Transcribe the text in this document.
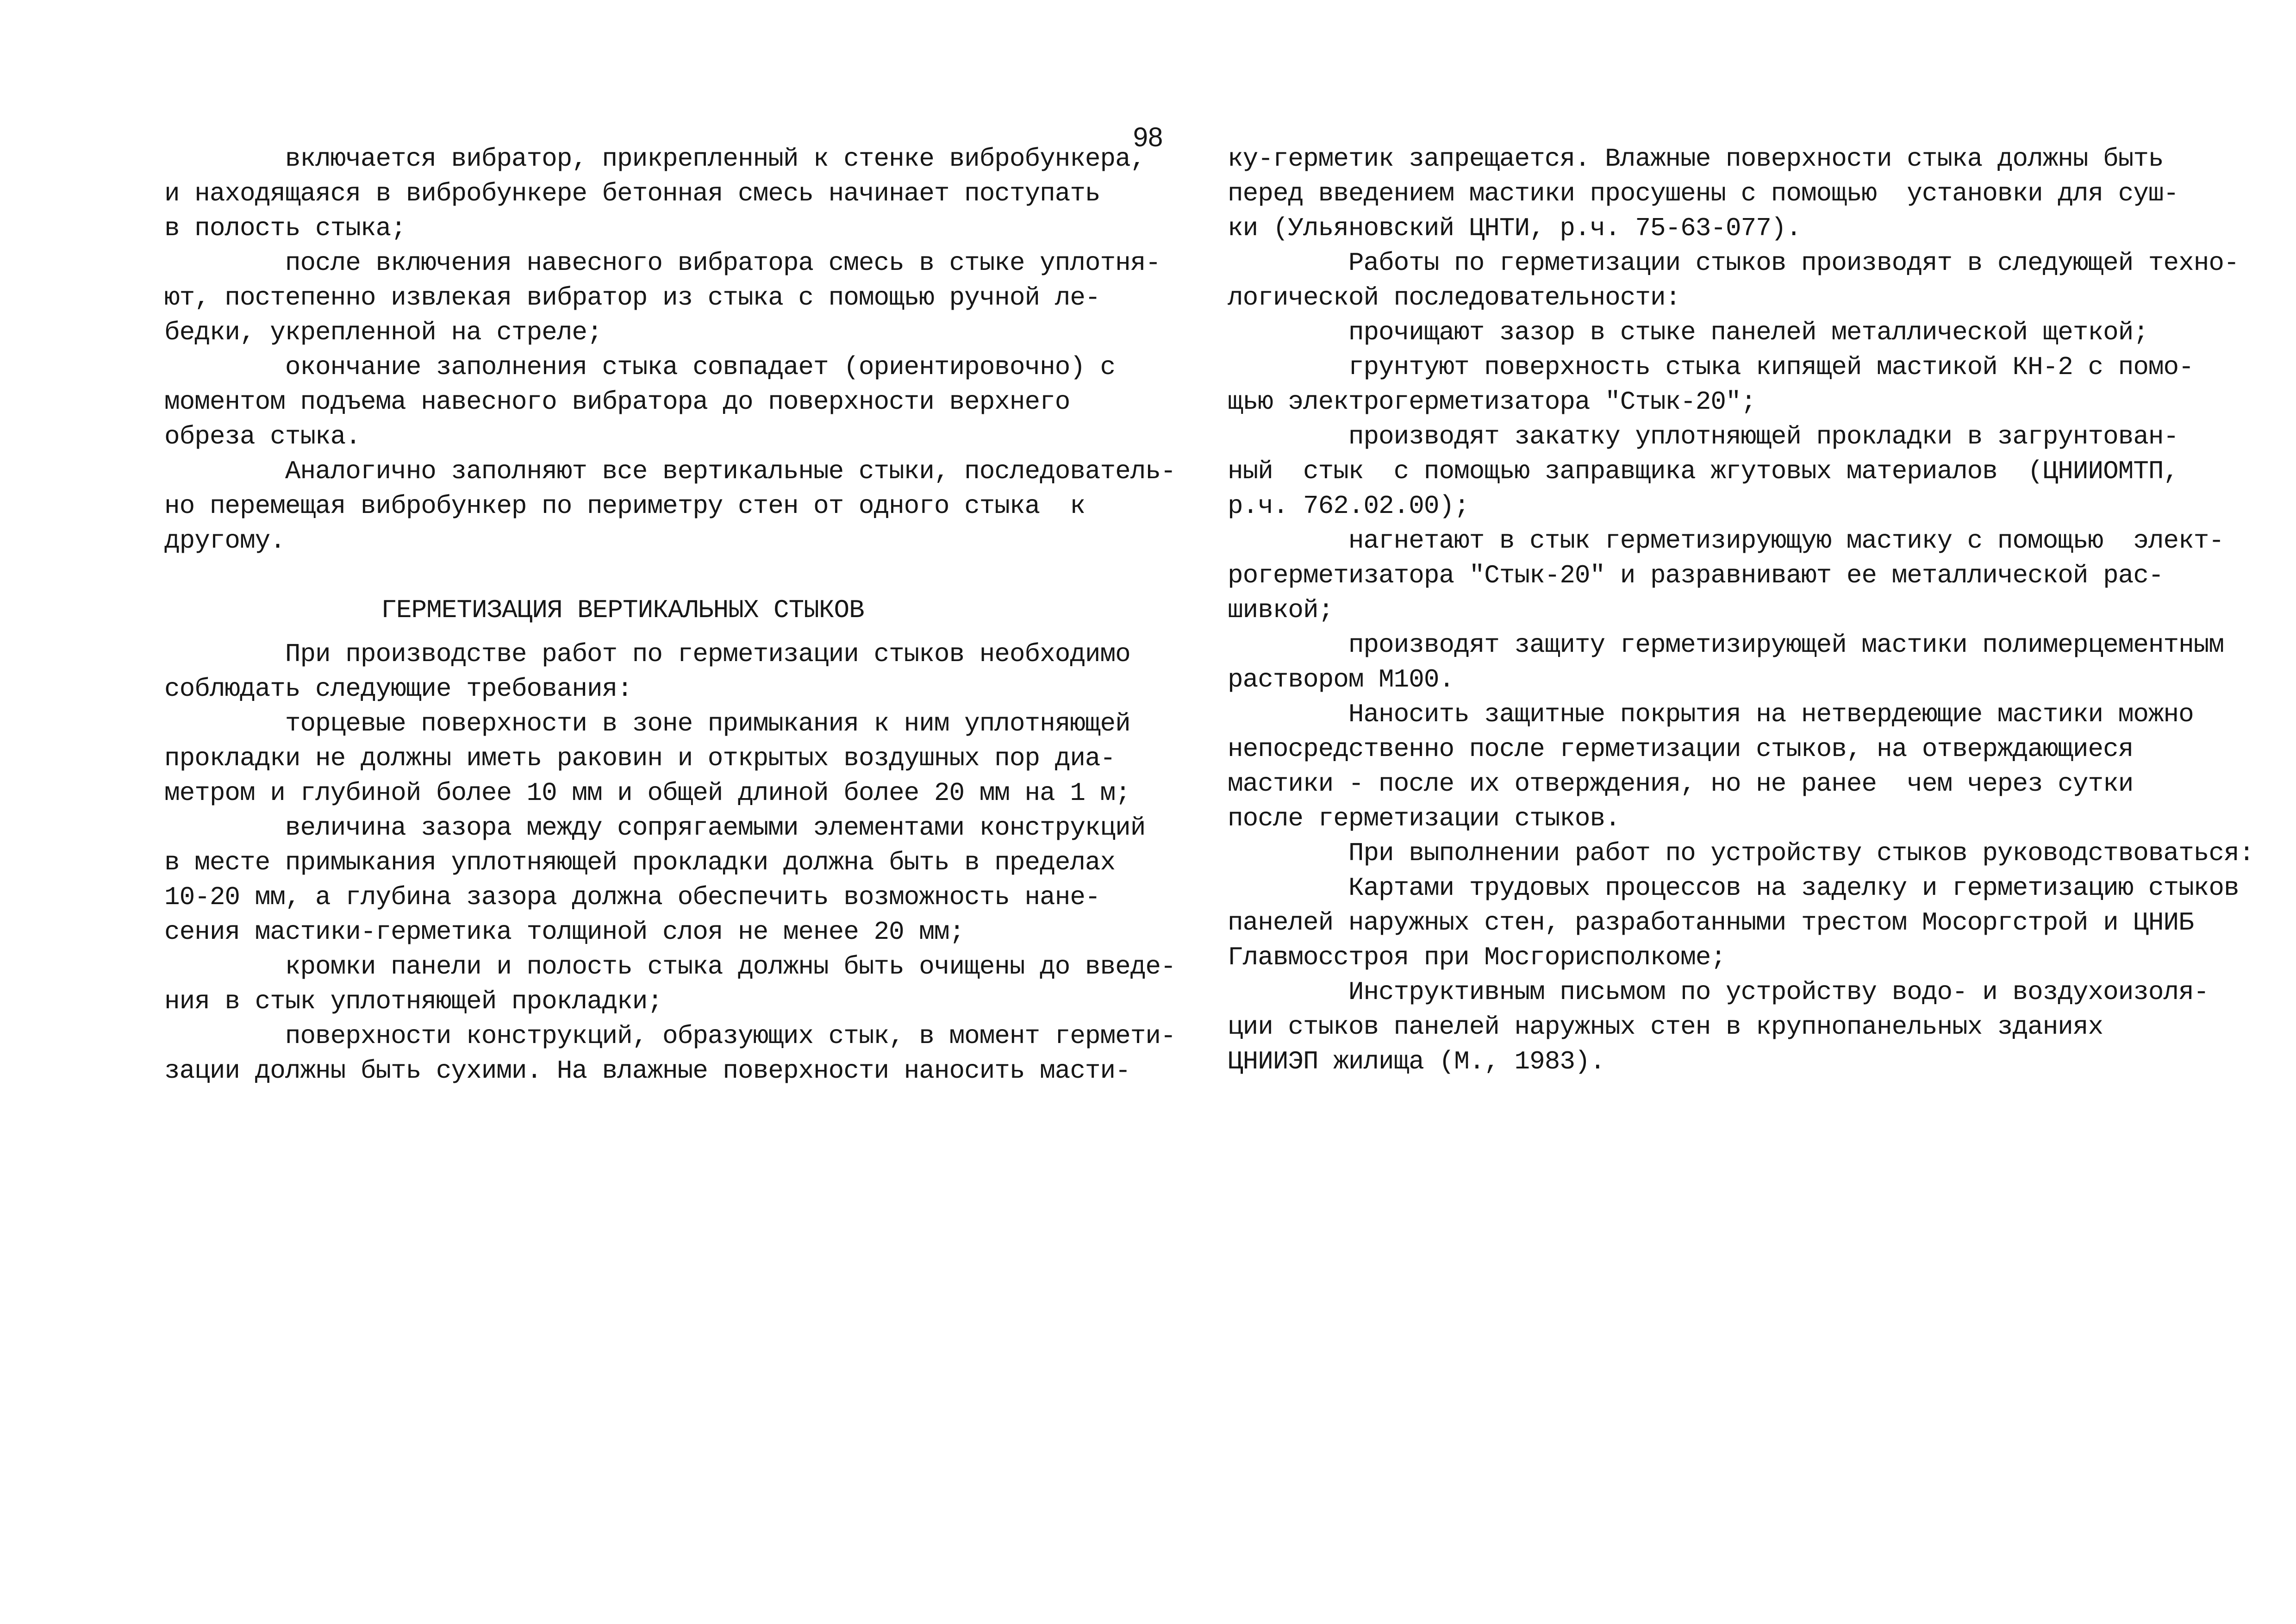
98
включается вибратор, прикрепленный к стенке вибробункера,
и находящаяся в вибробункере бетонная смесь начинает поступать
в полость стыка;
после включения навесного вибратора смесь в стыке уплотня-
ют, постепенно извлекая вибратор из стыка с помощью ручной ле-
бедки, укрепленной на стреле;
окончание заполнения стыка совпадает (ориентировочно) с
моментом подъема навесного вибратора до поверхности верхнего
обреза стыка.
Аналогично заполняют все вертикальные стыки, последователь-
но перемещая вибробункер по периметру стен от одного стыка  к
другому.
ГЕРМЕТИЗАЦИЯ ВЕРТИКАЛЬНЫХ СТЫКОВ
При производстве работ по герметизации стыков необходимо
соблюдать следующие требования:
торцевые поверхности в зоне примыкания к ним уплотняющей
прокладки не должны иметь раковин и открытых воздушных пор диа-
метром и глубиной более 10 мм и общей длиной более 20 мм на 1 м;
величина зазора между сопрягаемыми элементами конструкций
в месте примыкания уплотняющей прокладки должна быть в пределах
10-20 мм, а глубина зазора должна обеспечить возможность нане-
сения мастики-герметика толщиной слоя не менее 20 мм;
кромки панели и полость стыка должны быть очищены до введе-
ния в стык уплотняющей прокладки;
поверхности конструкций, образующих стык, в момент гермети-
зации должны быть сухими. На влажные поверхности наносить масти-
ку-герметик запрещается. Влажные поверхности стыка должны быть
перед введением мастики просушены с помощью  установки для суш-
ки (Ульяновский ЦНТИ, р.ч. 75-63-077).
Работы по герметизации стыков производят в следующей техно-
логической последовательности:
прочищают зазор в стыке панелей металлической щеткой;
грунтуют поверхность стыка кипящей мастикой КН-2 с помо-
щью электрогерметизатора "Стык-20";
производят закатку уплотняющей прокладки в загрунтован-
ный  стык  с помощью заправщика жгутовых материалов  (ЦНИИОМТП,
р.ч. 762.02.00);
нагнетают в стык герметизирующую мастику с помощью  элект-
рогерметизатора "Стык-20" и разравнивают ее металлической рас-
шивкой;
производят защиту герметизирующей мастики полимерцементным
раствором М100.
Наносить защитные покрытия на нетвердеющие мастики можно
непосредственно после герметизации стыков, на отверждающиеся
мастики - после их отверждения, но не ранее  чем через сутки
после герметизации стыков.
При выполнении работ по устройству стыков руководствоваться:
Картами трудовых процессов на заделку и герметизацию стыков
панелей наружных стен, разработанными трестом Мосоргстрой и ЦНИБ
Главмосстроя при Мосгорисполкоме;
Инструктивным письмом по устройству водо- и воздухоизоля-
ции стыков панелей наружных стен в крупнопанельных зданиях
ЦНИИЭП жилища (М., 1983).
